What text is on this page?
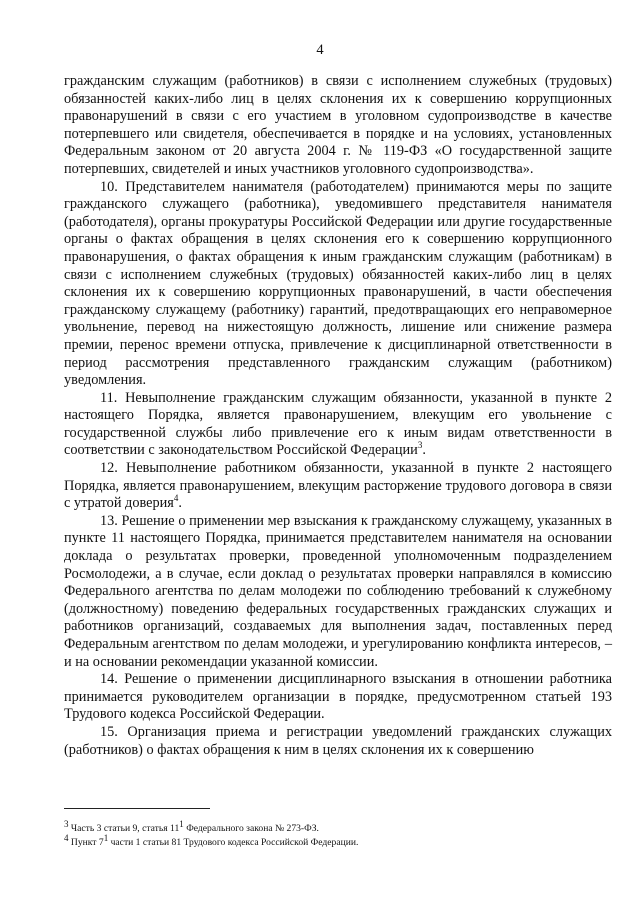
4

гражданским служащим (работников) в связи с исполнением служебных (трудовых) обязанностей каких-либо лиц в целях склонения их к совершению коррупционных правонарушений в связи с его участием в уголовном судопроизводстве в качестве потерпевшего или свидетеля, обеспечивается в порядке и на условиях, установленных Федеральным законом от 20 августа 2004 г. № 119-ФЗ «О государственной защите потерпевших, свидетелей и иных участников уголовного судопроизводства».

10. Представителем нанимателя (работодателем) принимаются меры по защите гражданского служащего (работника), уведомившего представителя нанимателя (работодателя), органы прокуратуры Российской Федерации или другие государственные органы о фактах обращения в целях склонения его к совершению коррупционного правонарушения, о фактах обращения к иным гражданским служащим (работникам) в связи с исполнением служебных (трудовых) обязанностей каких-либо лиц в целях склонения их к совершению коррупционных правонарушений, в части обеспечения гражданскому служащему (работнику) гарантий, предотвращающих его неправомерное увольнение, перевод на нижестоящую должность, лишение или снижение размера премии, перенос времени отпуска, привлечение к дисциплинарной ответственности в период рассмотрения представленного гражданским служащим (работником) уведомления.

11. Невыполнение гражданским служащим обязанности, указанной в пункте 2 настоящего Порядка, является правонарушением, влекущим его увольнение с государственной службы либо привлечение его к иным видам ответственности в соответствии с законодательством Российской Федерации$^3$.

12. Невыполнение работником обязанности, указанной в пункте 2 настоящего Порядка, является правонарушением, влекущим расторжение трудового договора в связи с утратой доверия$^4$.

13. Решение о применении мер взыскания к гражданскому служащему, указанных в пункте 11 настоящего Порядка, принимается представителем нанимателя на основании доклада о результатах проверки, проведенной уполномоченным подразделением Росмолодежи, а в случае, если доклад о результатах проверки направлялся в комиссию Федерального агентства по делам молодежи по соблюдению требований к служебному (должностному) поведению федеральных государственных гражданских служащих и работников организаций, создаваемых для выполнения задач, поставленных перед Федеральным агентством по делам молодежи, и урегулированию конфликта интересов, – и на основании рекомендации указанной комиссии.

14. Решение о применении дисциплинарного взыскания в отношении работника принимается руководителем организации в порядке, предусмотренном статьей 193 Трудового кодекса Российской Федерации.

15. Организация приема и регистрации уведомлений гражданских служащих (работников) о фактах обращения к ним в целях склонения их к совершению

$^3$ Часть 3 статьи 9, статья $11^1$ Федерального закона № 273-ФЗ.
$^4$ Пункт $7^1$ части 1 статьи 81 Трудового кодекса Российской Федерации.
